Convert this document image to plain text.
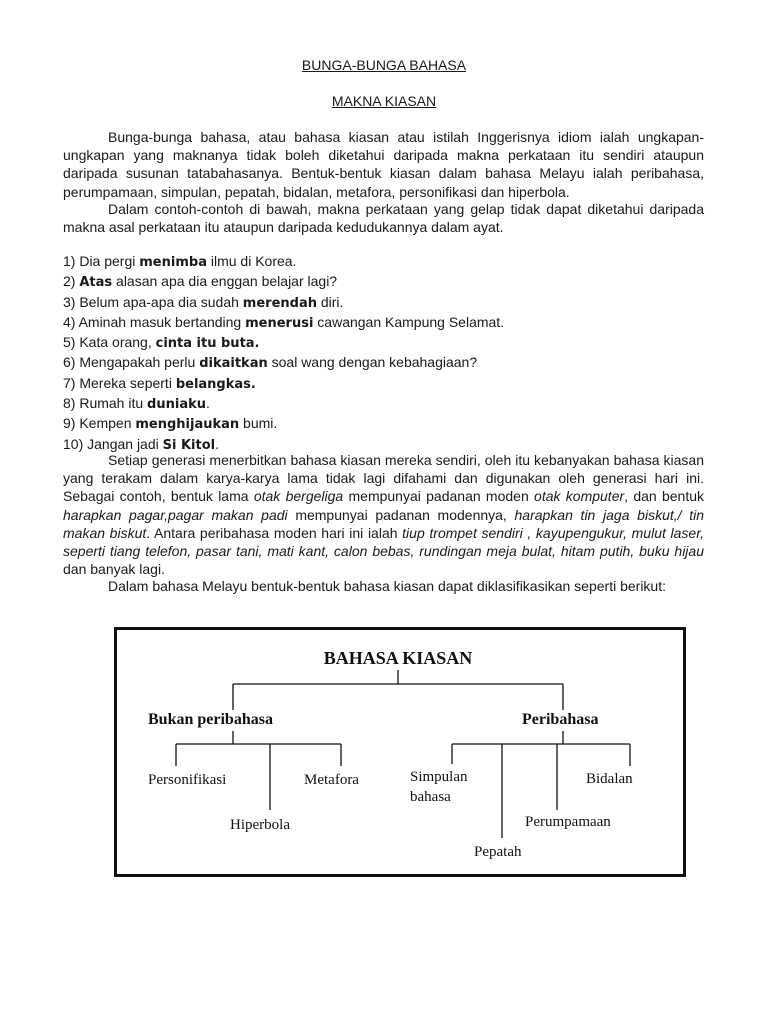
BUNGA-BUNGA BAHASA

MAKNA KIASAN

Bunga-bunga bahasa, atau bahasa kiasan atau istilah Inggerisnya idiom ialah ungkapan-ungkapan yang maknanya tidak boleh diketahui daripada makna perkataan itu sendiri ataupun daripada susunan tatabahasanya. Bentuk-bentuk kiasan dalam bahasa Melayu ialah peribahasa, perumpamaan, simpulan, pepatah, bidalan, metafora, personifikasi dan hiperbola.

Dalam contoh-contoh di bawah, makna perkataan yang gelap tidak dapat diketahui daripada makna asal perkataan itu ataupun daripada kedudukannya dalam ayat.

1) Dia pergi menimba ilmu di Korea.
2) Atas alasan apa dia enggan belajar lagi?
3) Belum apa-apa dia sudah merendah diri.
4) Aminah masuk bertanding menerusi cawangan Kampung Selamat.
5) Kata orang, cinta itu buta.
6) Mengapakah perlu dikaitkan soal wang dengan kebahagiaan?
7) Mereka seperti belangkas.
8) Rumah itu duniaku.
9) Kempen menghijaukan bumi.
10) Jangan jadi Si Kitol.

Setiap generasi menerbitkan bahasa kiasan mereka sendiri, oleh itu kebanyakan bahasa kiasan yang terakam dalam karya-karya lama tidak lagi difahami dan digunakan oleh generasi hari ini. Sebagai contoh, bentuk lama otak bergeliga mempunyai padanan moden otak komputer, dan bentuk harapkan pagar,pagar makan padi mempunyai padanan modennya, harapkan tin jaga biskut,/ tin makan biskut. Antara peribahasa moden hari ini ialah tiup trompet sendiri , kayupengukur, mulut laser, seperti tiang telefon, pasar tani, mati kant, calon bebas, rundingan meja bulat, hitam putih, buku hijau dan banyak lagi.

Dalam bahasa Melayu bentuk-bentuk bahasa kiasan dapat diklasifikasikan seperti berikut:

BAHASA KIASAN
Bukan peribahasa
Personifikasi	Metafora
Hiperbola
Peribahasa
Simpulan
bahasa
Bidalan
Perumpamaan
Pepatah
